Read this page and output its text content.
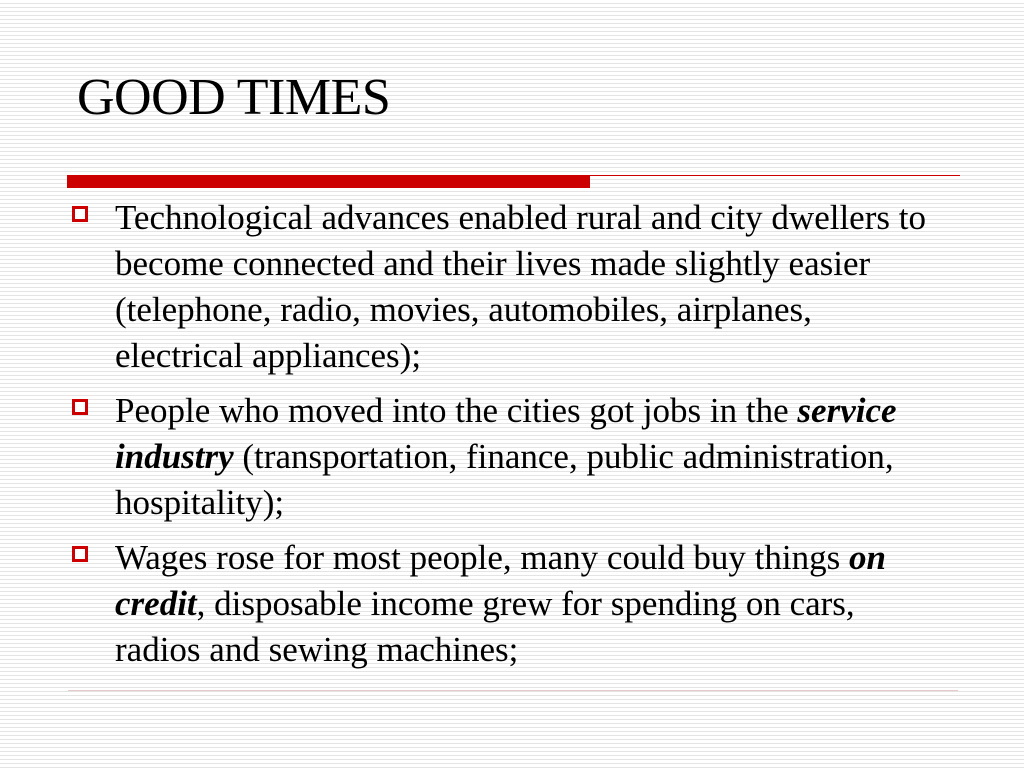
GOOD TIMES
Technological advances enabled rural and city dwellers to become connected and their lives made slightly easier (telephone, radio, movies, automobiles, airplanes, electrical appliances);
People who moved into the cities got jobs in the service industry (transportation, finance, public administration, hospitality);
Wages rose for most people, many could buy things on credit, disposable income grew for spending on cars, radios and sewing machines;
